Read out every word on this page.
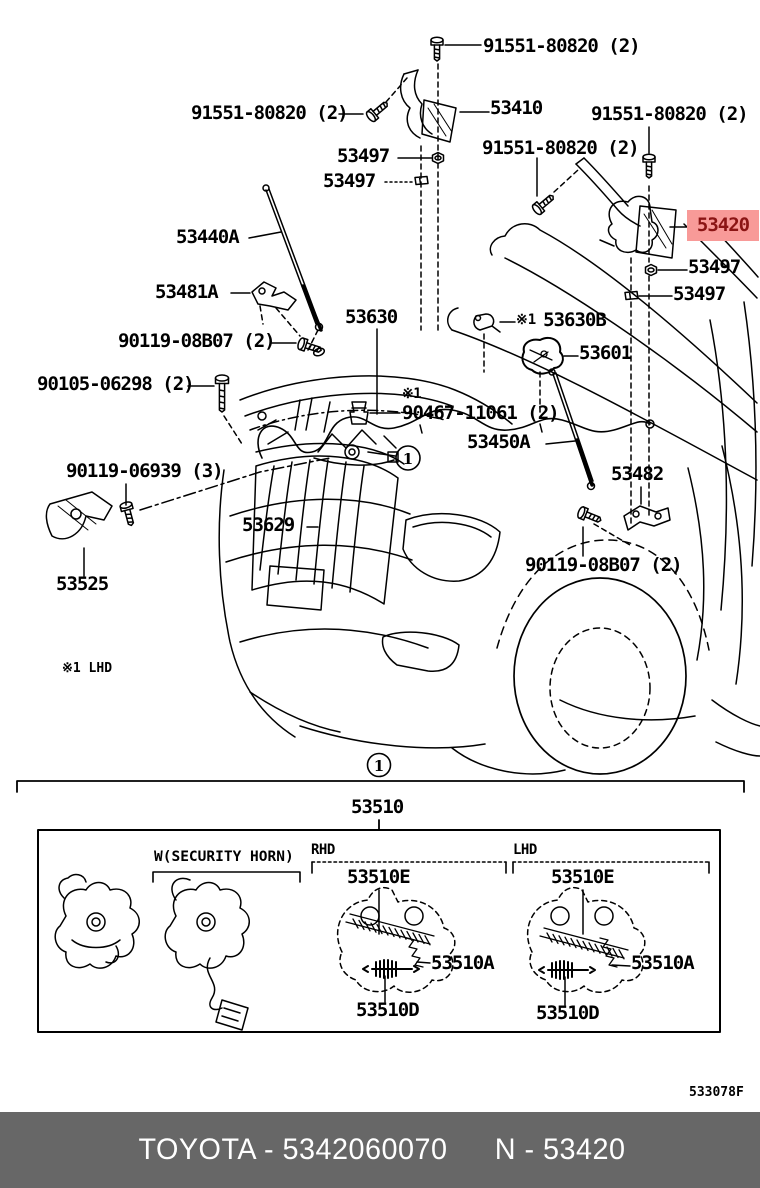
1
1
91551-80820 (2)
91551-80820 (2)	53410	91551-80820 (2)
91551-80820 (2)
53497
53497
53440A
53420
53497
53497
53481A
53630	※1 53630B
90119-08B07 (2)
90105-06298 (2)
53601
※1
90467-11061 (2)
53450A
53482
90119-06939 (3)
53629
90119-08B07 (2)
53525
※1 LHD
53510
W(SECURITY HORN) RHD	LHD
53510E	53510E
53510A	53510A
53510D	53510D
533078F
TOYOTA - 5342060070 N - 53420
